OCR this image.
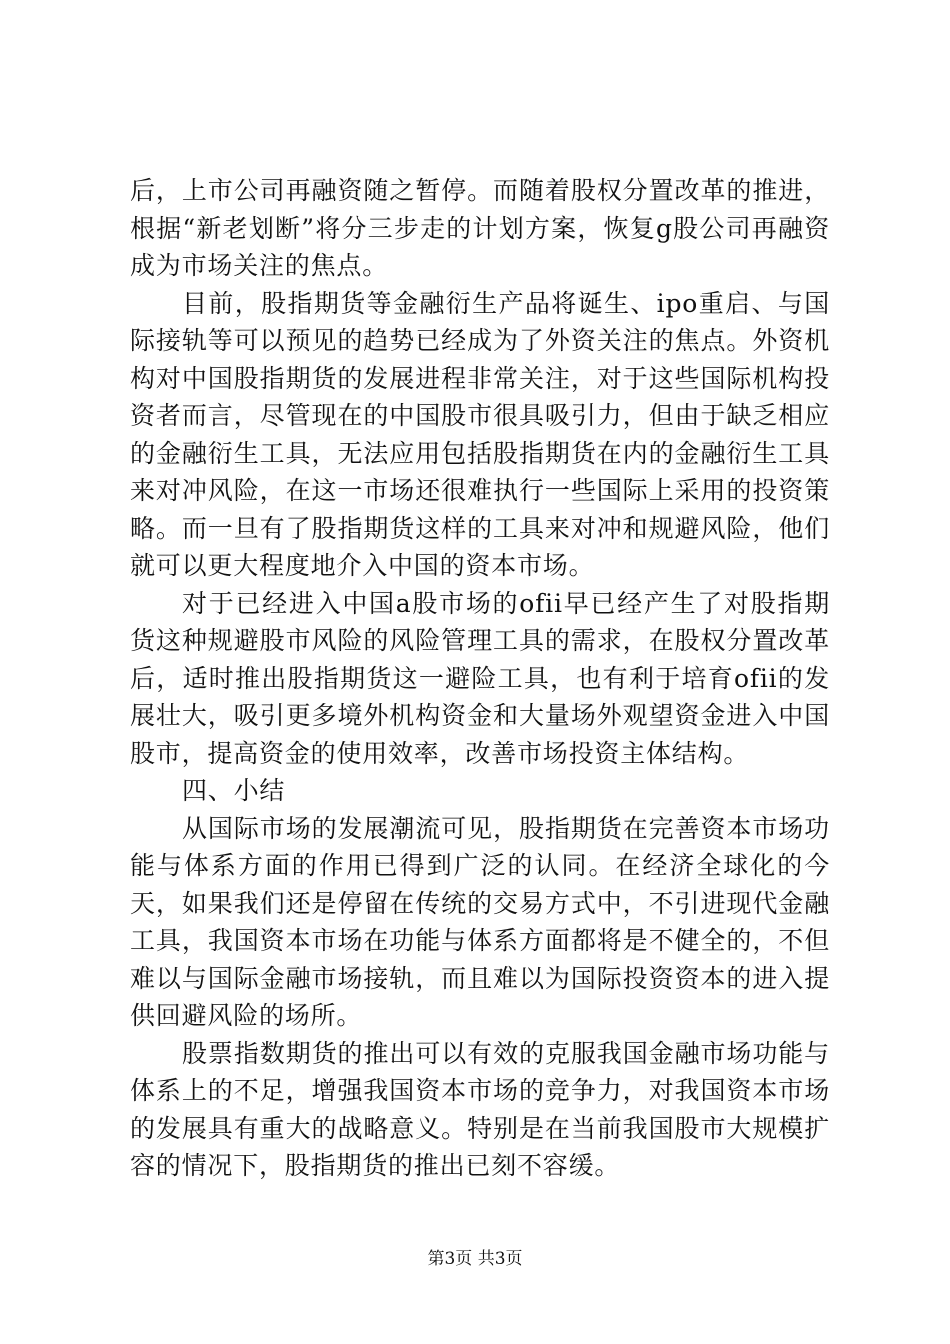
后，上市公司再融资随之暂停。而随着股权分置改革的推进，根据“新老划断”将分三步走的计划方案，恢复g股公司再融资成为市场关注的焦点。

目前，股指期货等金融衍生产品将诞生、ipo重启、与国际接轨等可以预见的趋势已经成为了外资关注的焦点。外资机构对中国股指期货的发展进程非常关注，对于这些国际机构投资者而言，尽管现在的中国股市很具吸引力，但由于缺乏相应的金融衍生工具，无法应用包括股指期货在内的金融衍生工具来对冲风险，在这一市场还很难执行一些国际上采用的投资策略。而一旦有了股指期货这样的工具来对冲和规避风险，他们就可以更大程度地介入中国的资本市场。

对于已经进入中国a股市场的ofii早已经产生了对股指期货这种规避股市风险的风险管理工具的需求，在股权分置改革后，适时推出股指期货这一避险工具，也有利于培育ofii的发展壮大，吸引更多境外机构资金和大量场外观望资金进入中国股市，提高资金的使用效率，改善市场投资主体结构。

四、小结

从国际市场的发展潮流可见，股指期货在完善资本市场功能与体系方面的作用已得到广泛的认同。在经济全球化的今天，如果我们还是停留在传统的交易方式中，不引进现代金融工具，我国资本市场在功能与体系方面都将是不健全的，不但难以与国际金融市场接轨，而且难以为国际投资资本的进入提供回避风险的场所。

股票指数期货的推出可以有效的克服我国金融市场功能与体系上的不足，增强我国资本市场的竞争力，对我国资本市场的发展具有重大的战略意义。特别是在当前我国股市大规模扩容的情况下，股指期货的推出已刻不容缓。

第3页 共3页
